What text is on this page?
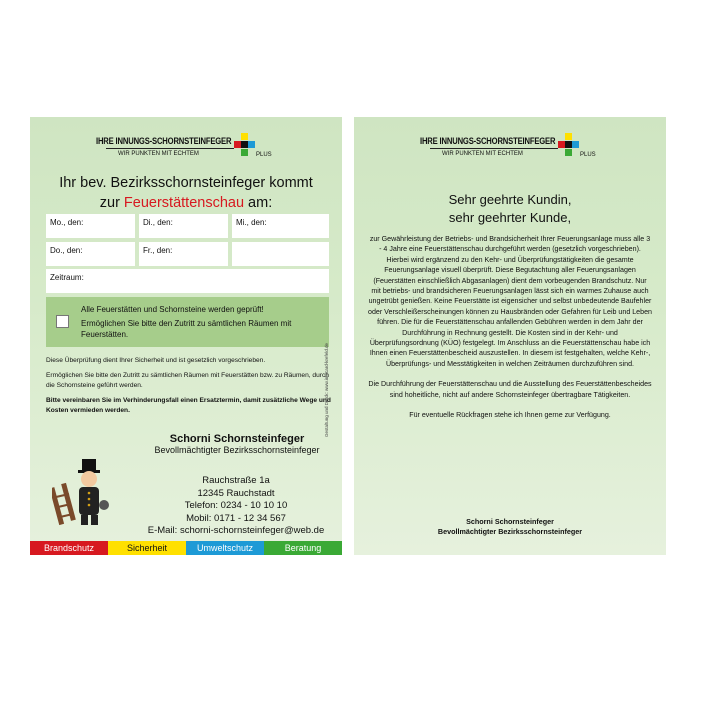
IHRE INNUNGS-SCHORNSTEINFEGER
WIR PUNKTEN MIT ECHTEM	PLUS
Ihr bev. Bezirksschornsteinfeger kommt
zur Feuerstättenschau am:
Mo., den:	Di., den:	Mi., den:
Do., den:	Fr., den:
Zeitraum:
Alle Feuerstätten und Schornsteine werden geprüft!
Ermöglichen Sie bitte den Zutritt zu sämtlichen Räumen mit Feuerstätten.
Diese Überprüfung dient Ihrer Sicherheit und ist gesetzlich vorgeschrieben.
Ermöglichen Sie bitte den Zutritt zu sämtlichen Räumen mit Feuerstätten bzw. zu Räumen, durch die Schornsteine geführt werden.
Bitte vereinbaren Sie im Verhinderungsfall einen Ersatztermin, damit zusätzliche Wege und Kosten vermieden werden.
Schorni Schornsteinfeger
Bevollmächtigter Bezirksschornsteinfeger
Rauchstraße 1a
12345 Rauchstadt
Telefon: 0234 - 10 10 10
Mobil: 0171 - 12 34 567
E-Mail: schorni-schornsteinfeger@web.de
Gestaltung und Druck: www.infocard-krefeld.de
Brandschutz	Sicherheit	Umweltschutz	Beratung
IHRE INNUNGS-SCHORNSTEINFEGER
WIR PUNKTEN MIT ECHTEM	PLUS
Sehr geehrte Kundin,
sehr geehrter Kunde,

zur Gewährleistung der Betriebs- und Brandsicherheit Ihrer Feuerungsanlage muss alle 3 - 4 Jahre eine Feuerstättenschau durchgeführt werden (gesetzlich vorgeschrieben). Hierbei wird ergänzend zu den Kehr- und Überprüfungstätigkeiten die gesamte Feuerungsanlage visuell überprüft. Diese Begutachtung aller Feuerungsanlagen (Feuerstätten einschließlich Abgasanlagen) dient dem vorbeugenden Brandschutz. Nur mit betriebs- und brandsicheren Feuerungsanlagen lässt sich ein warmes Zuhause auch ungetrübt genießen. Keine Feuerstätte ist eigensicher und selbst unbedeutende Baufehler oder Verschleißerscheinungen können zu Hausbränden oder Gefahren für Leib und Leben führen. Die für die Feuerstättenschau anfallenden Gebühren werden in dem Jahr der Durchführung in Rechnung gestellt. Die Kosten sind in der Kehr- und Überprüfungsordnung (KÜO) festgelegt. Im Anschluss an die Feuerstättenschau habe ich Ihnen einen Feuerstättenbescheid auszustellen. In diesem ist festgehalten, welche Kehr-, Überprüfungs- und Messtätigkeiten in welchen Zeiträumen durchzuführen sind.

Die Durchführung der Feuerstättenschau und die Ausstellung des Feuerstättenbescheides sind hoheitliche, nicht auf andere Schornsteinfeger übertragbare Tätigkeiten.

Für eventuelle Rückfragen stehe ich Ihnen gerne zur Verfügung.

Schorni Schornsteinfeger
Bevollmächtigter Bezirksschornsteinfeger
